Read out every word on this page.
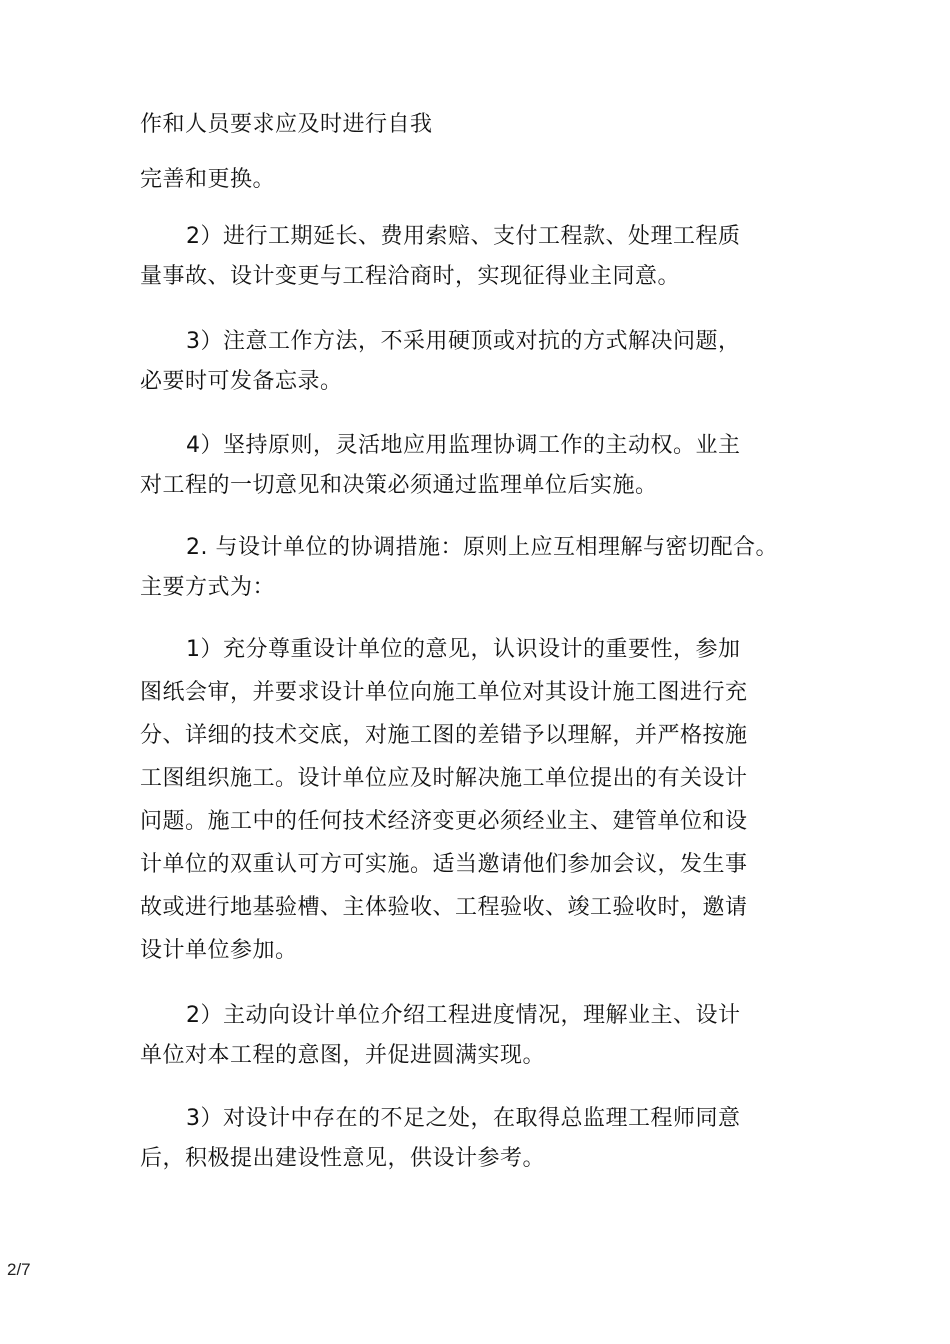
作和人员要求应及时进行自我
完善和更换。
2）进行工期延长、费用索赔、支付工程款、处理工程质
量事故、设计变更与工程洽商时，实现征得业主同意。
3）注意工作方法，不采用硬顶或对抗的方式解决问题，
必要时可发备忘录。
4）坚持原则，灵活地应用监理协调工作的主动权。业主
对工程的一切意见和决策必须通过监理单位后实施。
2. 与设计单位的协调措施：原则上应互相理解与密切配合。
主要方式为：
1）充分尊重设计单位的意见，认识设计的重要性，参加
图纸会审，并要求设计单位向施工单位对其设计施工图进行充
分、详细的技术交底，对施工图的差错予以理解，并严格按施
工图组织施工。设计单位应及时解决施工单位提出的有关设计
问题。施工中的任何技术经济变更必须经业主、建管单位和设
计单位的双重认可方可实施。适当邀请他们参加会议，发生事
故或进行地基验槽、主体验收、工程验收、竣工验收时，邀请
设计单位参加。
2）主动向设计单位介绍工程进度情况，理解业主、设计
单位对本工程的意图，并促进圆满实现。
3）对设计中存在的不足之处，在取得总监理工程师同意
后，积极提出建设性意见，供设计参考。
2/7
